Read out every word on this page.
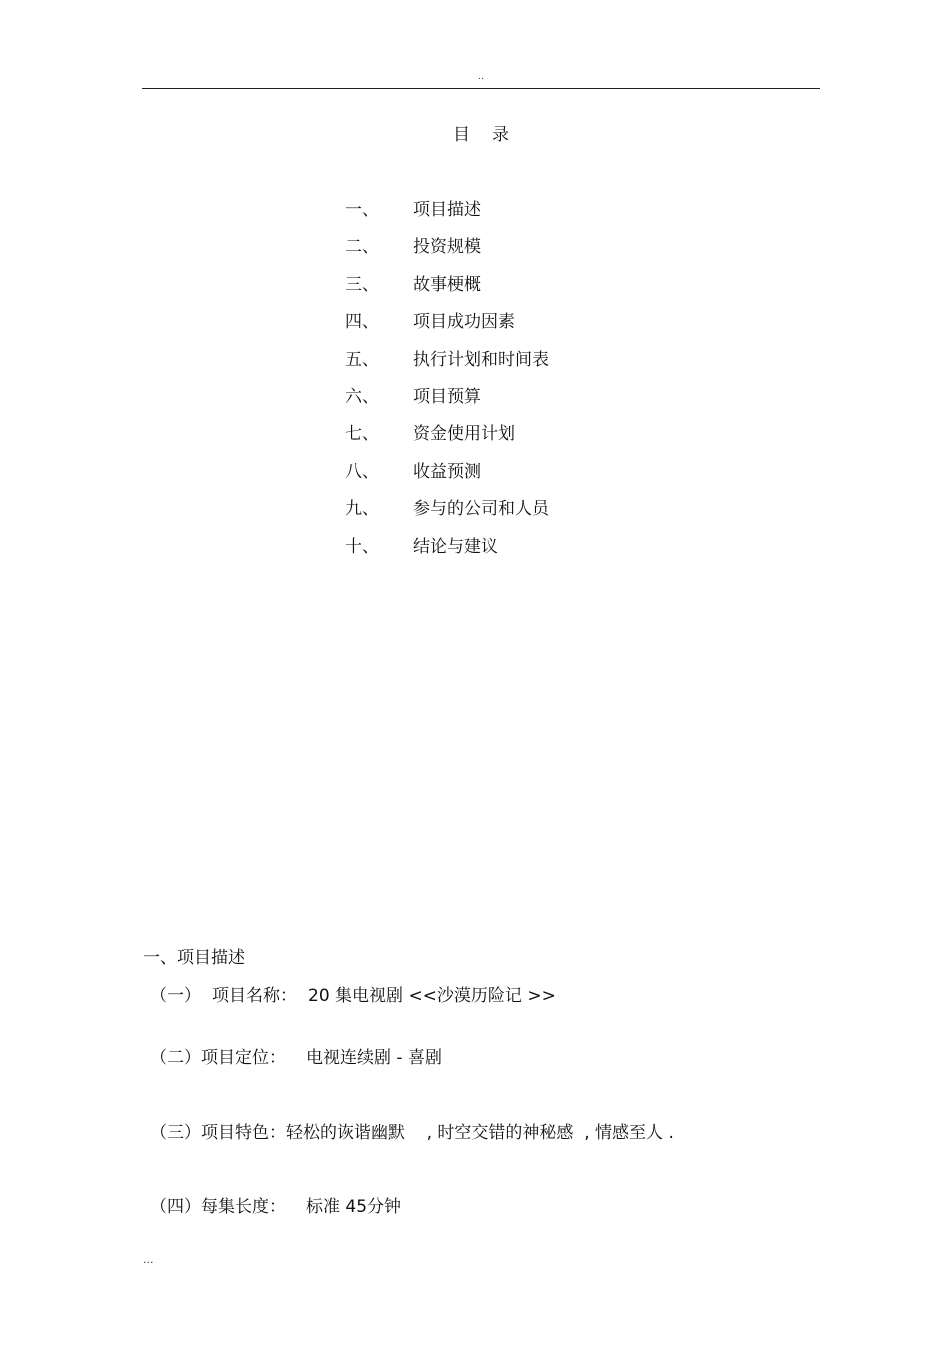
..
目 录
一、	项目描述
二、	投资规模
三、	故事梗概
四、	项目成功因素
五、	执行计划和时间表
六、	项目预算
七、	资金使用计划
八、	收益预测
九、	参与的公司和人员
十、	结论与建议
一、项目描述
（一） 项目名称： 20 集电视剧 <<沙漠历险记 >>
（二）项目定位： 电视连续剧 - 喜剧
（三）项目特色：轻松的诙谐幽默    , 时空交错的神秘感  , 情感至人 .
（四）每集长度： 标准 45分钟
...
